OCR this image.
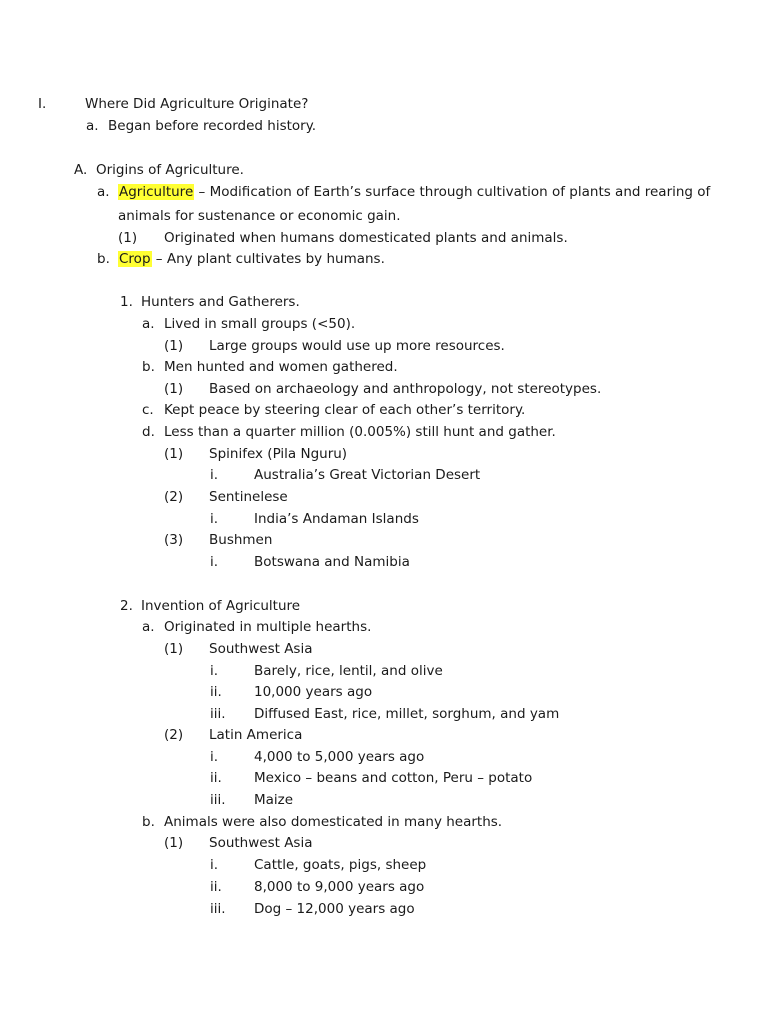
I.	Where Did Agriculture Originate?
a. Began before recorded history.
A. Origins of Agriculture.
a. Agriculture – Modification of Earth’s surface through cultivation of plants and rearing of
animals for sustenance or economic gain.
(1) Originated when humans domesticated plants and animals.
b. Crop – Any plant cultivates by humans.
1. Hunters and Gatherers.
a. Lived in small groups (<50).
(1) Large groups would use up more resources.
b. Men hunted and women gathered.
(1) Based on archaeology and anthropology, not stereotypes.
c. Kept peace by steering clear of each other’s territory.
d. Less than a quarter million (0.005%) still hunt and gather.
(1) Spinifex (Pila Nguru)
i.	Australia’s Great Victorian Desert
(2) Sentinelese
i.	India’s Andaman Islands
(3) Bushmen
i.	Botswana and Namibia
2. Invention of Agriculture
a. Originated in multiple hearths.
(1) Southwest Asia
i.	Barely, rice, lentil, and olive
ii. 10,000 years ago
iii. Diffused East, rice, millet, sorghum, and yam
(2) Latin America
i.	4,000 to 5,000 years ago
ii. Mexico – beans and cotton, Peru – potato
iii. Maize
b. Animals were also domesticated in many hearths.
(1) Southwest Asia
i.	Cattle, goats, pigs, sheep
ii. 8,000 to 9,000 years ago
iii. Dog – 12,000 years ago
